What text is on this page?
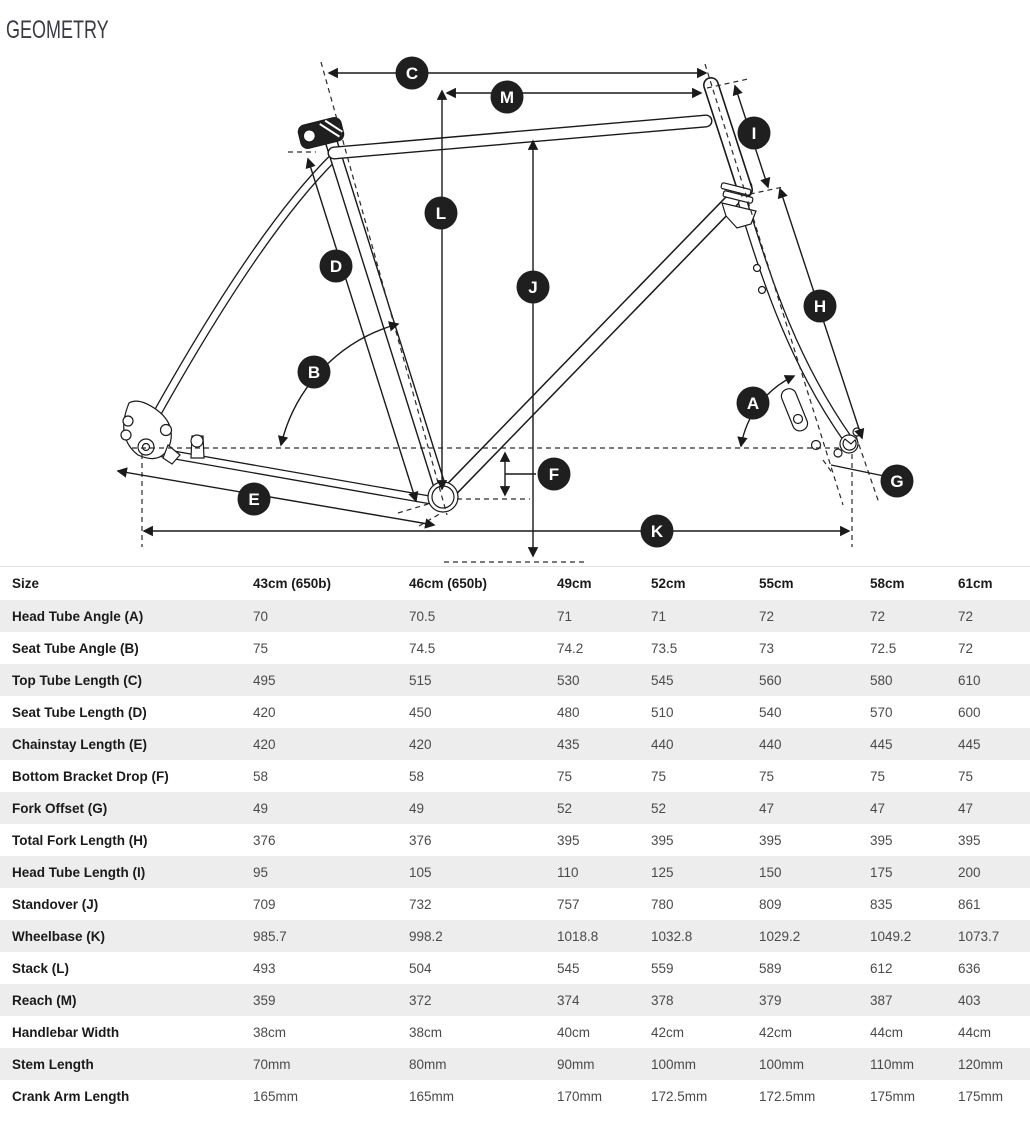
GEOMETRY
A
B
C
D
E
F	G
H
I
J
K
L
M
Size	43cm (650b)	46cm (650b)	49cm	52cm	55cm	58cm	61cm
Head Tube Angle (A)	70	70.5	71	71	72	72	72
Seat Tube Angle (B)	75	74.5	74.2	73.5	73	72.5	72
Top Tube Length (C)	495	515	530	545	560	580	610
Seat Tube Length (D)	420	450	480	510	540	570	600
Chainstay Length (E)	420	420	435	440	440	445	445
Bottom Bracket Drop (F)	58	58	75	75	75	75	75
Fork Offset (G)	49	49	52	52	47	47	47
Total Fork Length (H)	376	376	395	395	395	395	395
Head Tube Length (I)	95	105	110	125	150	175	200
Standover (J)	709	732	757	780	809	835	861
Wheelbase (K)	985.7	998.2	1018.8	1032.8	1029.2	1049.2	1073.7
Stack (L)	493	504	545	559	589	612	636
Reach (M)	359	372	374	378	379	387	403
Handlebar Width	38cm	38cm	40cm	42cm	42cm	44cm	44cm
Stem Length	70mm	80mm	90mm	100mm	100mm	110mm	120mm
Crank Arm Length	165mm	165mm	170mm	172.5mm	172.5mm	175mm	175mm
